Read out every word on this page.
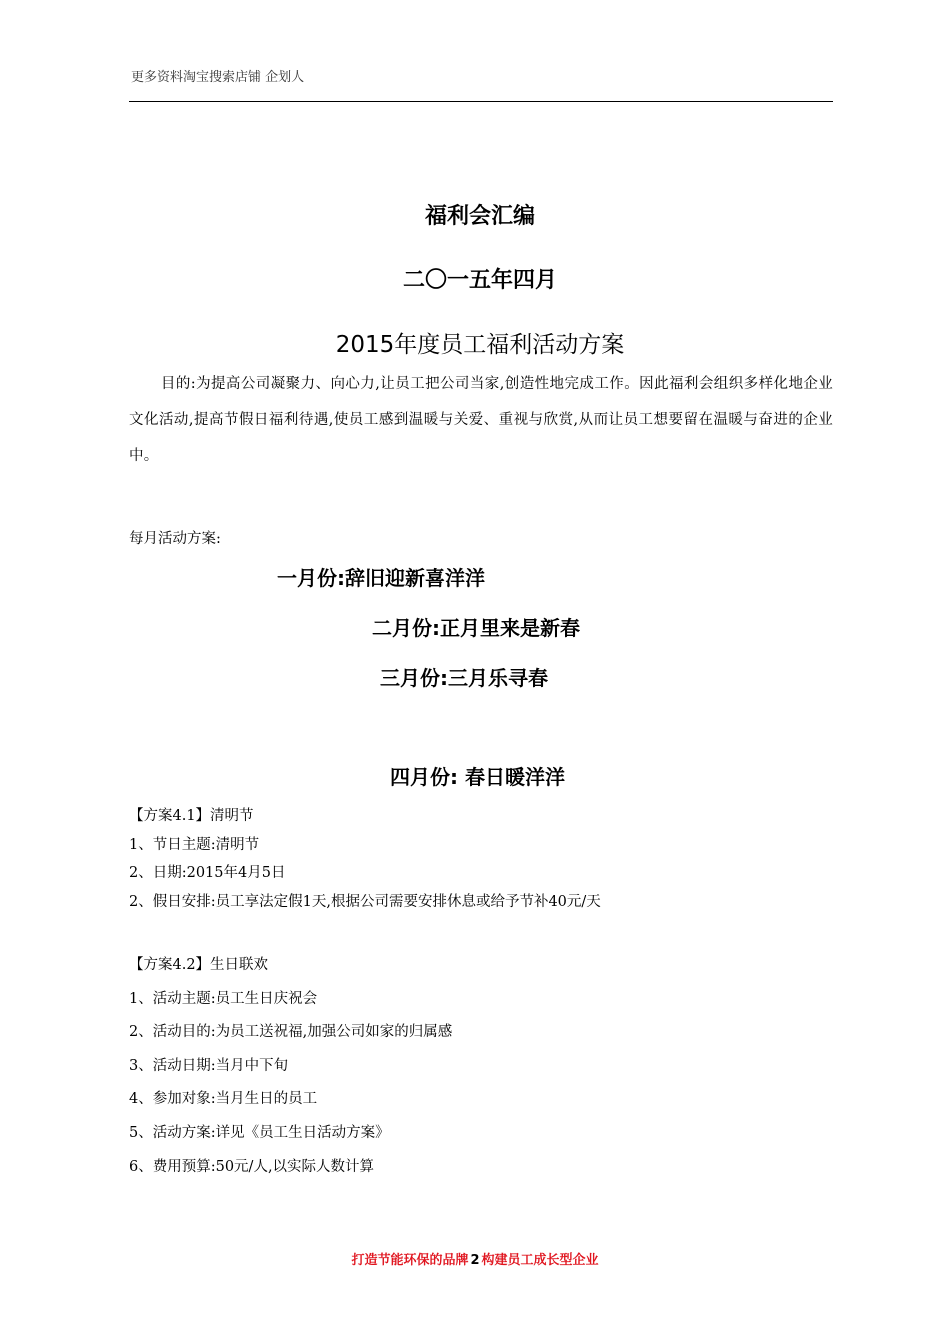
更多资料淘宝搜索店铺 企划人
福利会汇编
二〇一五年四月
2015年度员工福利活动方案
目的:为提高公司凝聚力、向心力,让员工把公司当家,创造性地完成工作。因此福利会组织多样化地企业文化活动,提高节假日福利待遇,使员工感到温暖与关爱、重视与欣赏,从而让员工想要留在温暖与奋进的企业中。
每月活动方案:
一月份:辞旧迎新喜洋洋
二月份:正月里来是新春
三月份:三月乐寻春
四月份: 春日暖洋洋
【方案4.1】清明节
1、节日主题:清明节
2、日期:2015年4月5日
2、假日安排:员工享法定假1天,根据公司需要安排休息或给予节补40元/天
【方案4.2】生日联欢
1、活动主题:员工生日庆祝会
2、活动目的:为员工送祝福,加强公司如家的归属感
3、活动日期:当月中下旬
4、参加对象:当月生日的员工
5、活动方案:详见《员工生日活动方案》
6、费用预算:50元/人,以实际人数计算
打造节能环保的品牌 2 构建员工成长型企业
